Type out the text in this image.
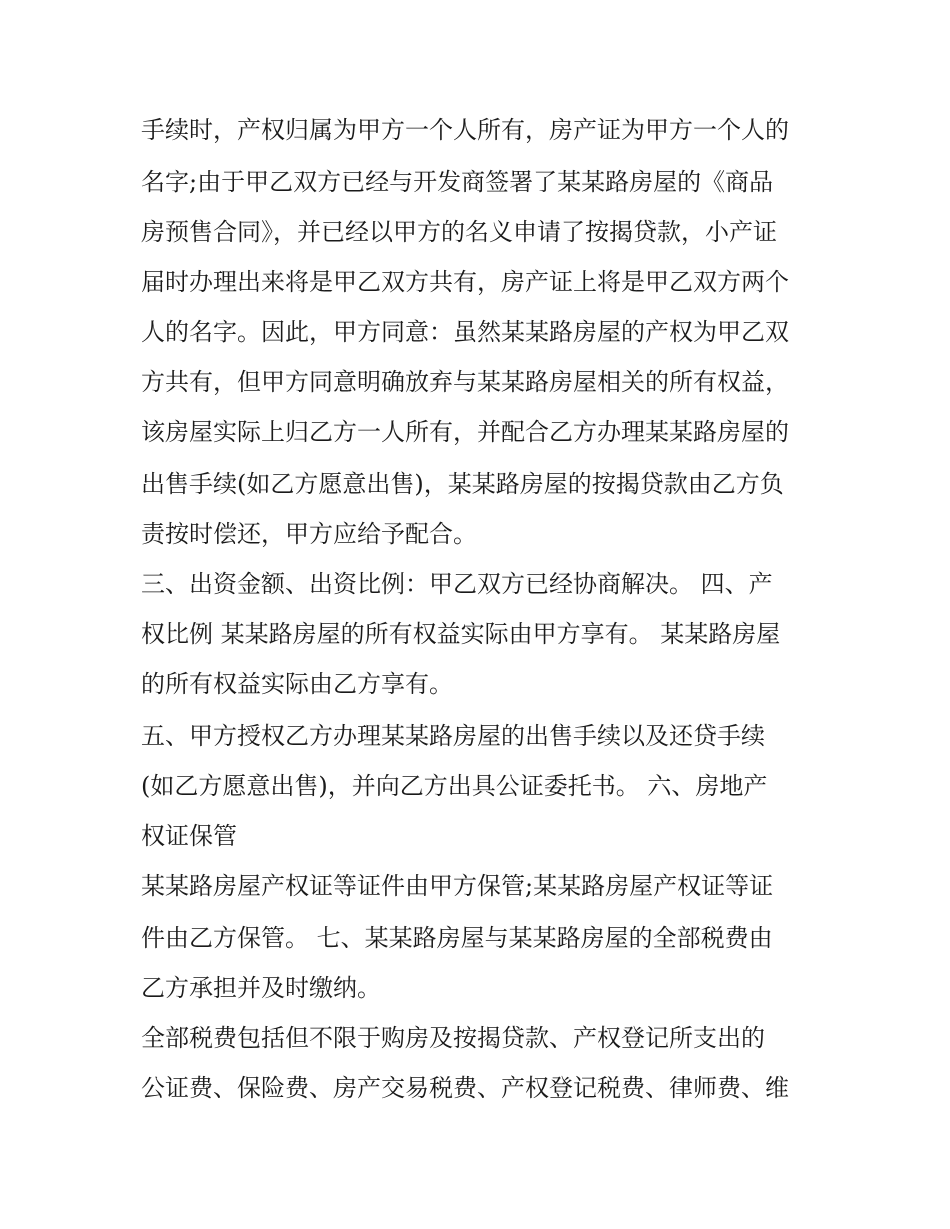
手续时，产权归属为甲方一个人所有，房产证为甲方一个人的
名字;由于甲乙双方已经与开发商签署了某某路房屋的《商品
房预售合同》，并已经以甲方的名义申请了按揭贷款，小产证
届时办理出来将是甲乙双方共有，房产证上将是甲乙双方两个
人的名字。因此，甲方同意：虽然某某路房屋的产权为甲乙双
方共有，但甲方同意明确放弃与某某路房屋相关的所有权益，
该房屋实际上归乙方一人所有，并配合乙方办理某某路房屋的
出售手续(如乙方愿意出售)，某某路房屋的按揭贷款由乙方负
责按时偿还，甲方应给予配合。
三、出资金额、出资比例：甲乙双方已经协商解决。 四、产
权比例 某某路房屋的所有权益实际由甲方享有。 某某路房屋
的所有权益实际由乙方享有。
五、甲方授权乙方办理某某路房屋的出售手续以及还贷手续
(如乙方愿意出售)，并向乙方出具公证委托书。 六、房地产
权证保管
某某路房屋产权证等证件由甲方保管;某某路房屋产权证等证
件由乙方保管。 七、某某路房屋与某某路房屋的全部税费由
乙方承担并及时缴纳。
全部税费包括但不限于购房及按揭贷款、产权登记所支出的
公证费、保险费、房产交易税费、产权登记税费、律师费、维
